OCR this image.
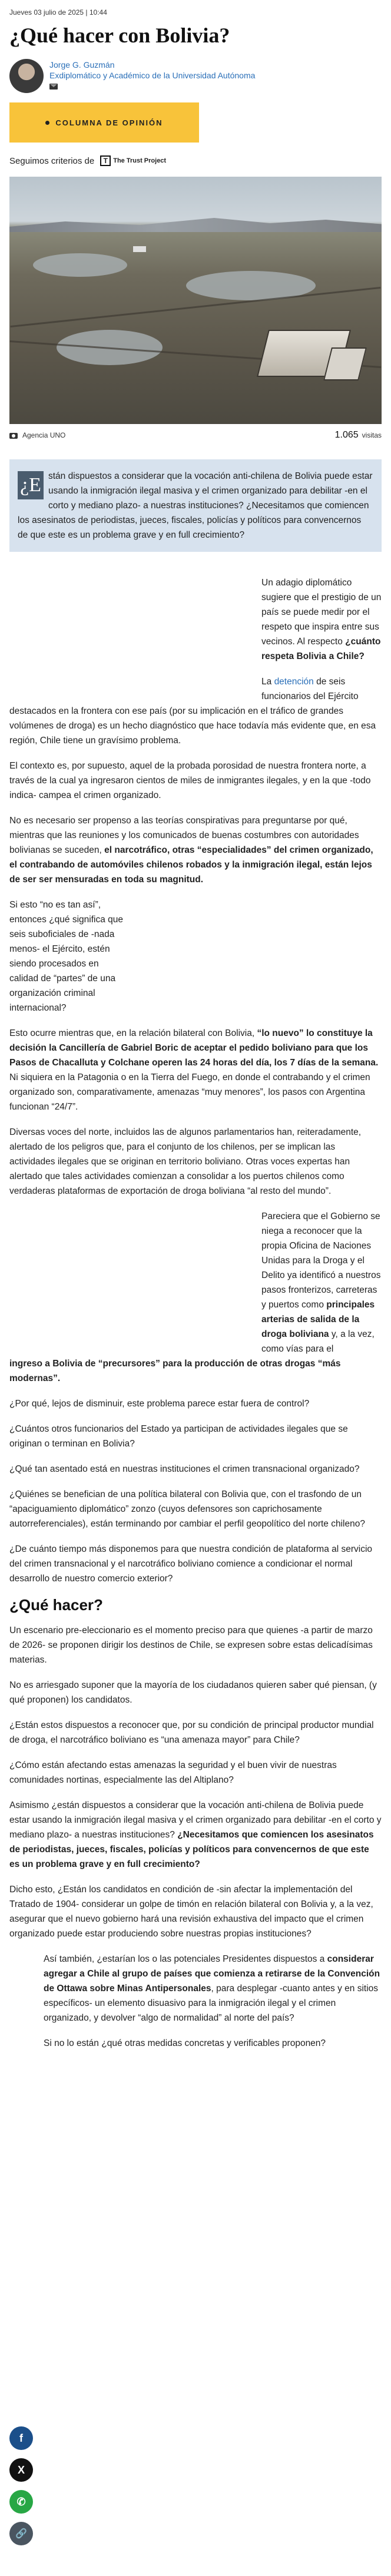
Jueves 03 julio de 2025 | 10:44
¿Qué hacer con Bolivia?
Jorge G. Guzmán
Exdiplomático y Académico de la Universidad Autónoma
COLUMNA DE OPINIÓN
Seguimos criterios de	T The Trust Project
Agencia UNO	1.065 visitas
¿E stán dispuestos a considerar que la vocación anti-chilena de Bolivia puede estar usando la inmigración ilegal masiva y el crimen organizado para debilitar -en el corto y mediano plazo- a nuestras instituciones? ¿Necesitamos que comiencen los asesinatos de periodistas, jueces, fiscales, policías y políticos para convencernos de que este es un problema grave y en full crecimiento?

Un adagio diplomático sugiere que el prestigio de un país se puede medir por el respeto que inspira entre sus vecinos. Al respecto ¿cuánto respeta Bolivia a Chile?

La detención de seis funcionarios del Ejército

destacados en la frontera con ese país (por su implicación en el tráfico de grandes volúmenes de droga) es un hecho diagnóstico que hace todavía más evidente que, en esa región, Chile tiene un gravísimo problema.

El contexto es, por supuesto, aquel de la probada porosidad de nuestra frontera norte, a través de la cual ya ingresaron cientos de miles de inmigrantes ilegales, y en la que -todo indica- campea el crimen organizado.

No es necesario ser propenso a las teorías conspirativas para preguntarse por qué, mientras que las reuniones y los comunicados de buenas costumbres con autoridades bolivianas se suceden, el narcotráfico, otras “especialidades” del crimen organizado, el contrabando de automóviles chilenos robados y la inmigración ilegal, están lejos de ser ser mensuradas en toda su magnitud.

Si esto “no es tan así”, entonces ¿qué significa que seis suboficiales de -nada menos- el Ejército, estén siendo procesados en calidad de “partes” de una organización criminal internacional?

Esto ocurre mientras que, en la relación bilateral con Bolivia, “lo nuevo” lo constituye la decisión la Cancillería de Gabriel Boric de aceptar el pedido boliviano para que los Pasos de Chacalluta y Colchane operen las 24 horas del día, los 7 días de la semana. Ni siquiera en la Patagonia o en la Tierra del Fuego, en donde el contrabando y el crimen organizado son, comparativamente, amenazas “muy menores”, los pasos con Argentina funcionan “24/7”.

Diversas voces del norte, incluidos las de algunos parlamentarios han, reiteradamente, alertado de los peligros que, para el conjunto de los chilenos, per se implican las actividades ilegales que se originan en territorio boliviano. Otras voces expertas han alertado que tales actividades comienzan a consolidar a los puertos chilenos como verdaderas plataformas de exportación de droga boliviana “al resto del mundo”.

Pareciera que el Gobierno se niega a reconocer que la propia Oficina de Naciones Unidas para la Droga y el Delito ya identificó a nuestros pasos fronterizos, carreteras y puertos como principales arterias de salida de la droga boliviana y, a la vez, como vías para el

ingreso a Bolivia de “precursores” para la producción de otras drogas “más modernas”.

¿Por qué, lejos de disminuir, este problema parece estar fuera de control?

¿Cuántos otros funcionarios del Estado ya participan de actividades ilegales que se originan o terminan en Bolivia?

¿Qué tan asentado está en nuestras instituciones el crimen transnacional organizado?

¿Quiénes se benefician de una política bilateral con Bolivia que, con el trasfondo de un “apaciguamiento diplomático” zonzo (cuyos defensores son caprichosamente autorreferenciales), están terminando por cambiar el perfil geopolítico del norte chileno?

¿De cuánto tiempo más disponemos para que nuestra condición de plataforma al servicio del crimen transnacional y el narcotráfico boliviano comience a condicionar el normal desarrollo de nuestro comercio exterior?

¿Qué hacer?

Un escenario pre-eleccionario es el momento preciso para que quienes -a partir de marzo de 2026- se proponen dirigir los destinos de Chile, se expresen sobre estas delicadísimas materias.

No es arriesgado suponer que la mayoría de los ciudadanos quieren saber qué piensan, (y qué proponen) los candidatos.

¿Están estos dispuestos a reconocer que, por su condición de principal productor mundial de droga, el narcotráfico boliviano es “una amenaza mayor” para Chile?

¿Cómo están afectando estas amenazas la seguridad y el buen vivir de nuestras comunidades nortinas, especialmente las del Altiplano?

Asimismo ¿están dispuestos a considerar que la vocación anti-chilena de Bolivia puede estar usando la inmigración ilegal masiva y el crimen organizado para debilitar -en el corto y mediano plazo- a nuestras instituciones? ¿Necesitamos que comiencen los asesinatos de periodistas, jueces, fiscales, policías y políticos para convencernos de que este es un problema grave y en full crecimiento?

Dicho esto, ¿Están los candidatos en condición de -sin afectar la implementación del Tratado de 1904- considerar un golpe de timón en relación bilateral con Bolivia y, a la vez, asegurar que el nuevo gobierno hará una revisión exhaustiva del impacto que el crimen organizado puede estar produciendo sobre nuestras propias instituciones?

Así también, ¿estarían los o las potenciales Presidentes dispuestos a considerar agregar a Chile al grupo de países que comienza a retirarse de la Convención de Ottawa sobre Minas Antipersonales, para desplegar -cuanto antes y en sitios específicos- un elemento disuasivo para la inmigración ilegal y el crimen organizado, y devolver “algo de normalidad” al norte del país?

Si no lo están ¿qué otras medidas concretas y verificables proponen?

f
X
✆
🔗
